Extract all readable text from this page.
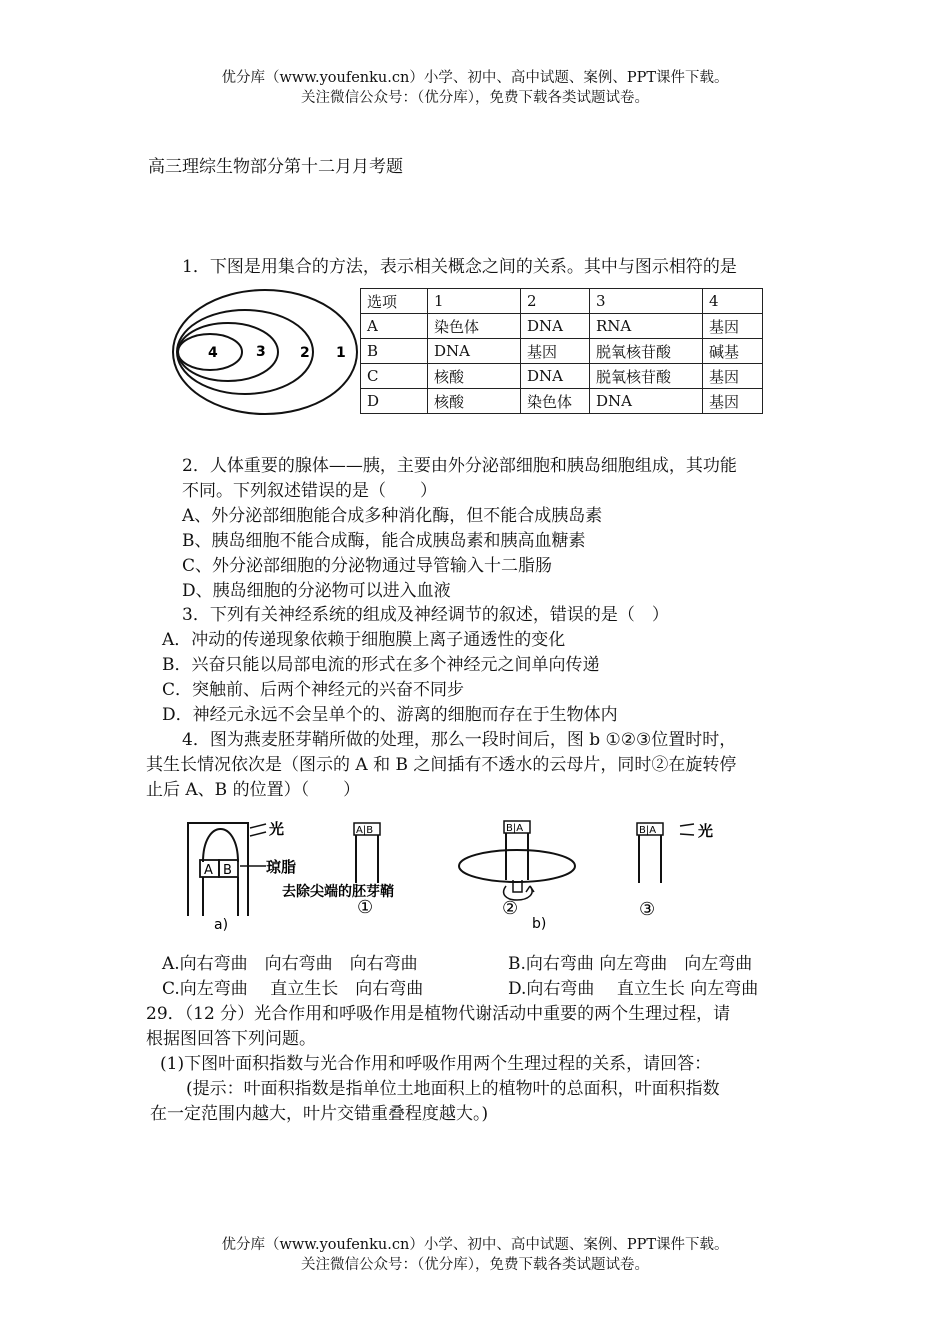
优分库（www.youfenku.cn）小学、初中、高中试题、案例、PPT课件下载。
关注微信公众号：（优分库），免费下载各类试题试卷。
高三理综生物部分第十二月月考题
1．下图是用集合的方法，表示相关概念之间的关系。其中与图示相符的是
4	3 2 1
选项	1	2	3	4
A	染色体	DNA	RNA	基因
B	DNA	基因	脱氧核苷酸	碱基
C	核酸	DNA	脱氧核苷酸	基因
D	核酸	染色体	DNA	基因
2．人体重要的腺体——胰，主要由外分泌部细胞和胰岛细胞组成，其功能
不同。下列叙述错误的是（　　）
A、外分泌部细胞能合成多种消化酶，但不能合成胰岛素
B、胰岛细胞不能合成酶，能合成胰岛素和胰高血糖素
C、外分泌部细胞的分泌物通过导管输入十二脂肠
D、胰岛细胞的分泌物可以进入血液
3．下列有关神经系统的组成及神经调节的叙述，错误的是（　）
A．冲动的传递现象依赖于细胞膜上离子通透性的变化
B．兴奋只能以局部电流的形式在多个神经元之间单向传递
C．突触前、后两个神经元的兴奋不同步
D．神经元永远不会呈单个的、游离的细胞而存在于生物体内
4．图为燕麦胚芽鞘所做的处理，那么一段时间后，图 b ①②③位置时时，
其生长情况依次是（图示的 A 和 B 之间插有不透水的云母片，同时②在旋转停
止后 A、B 的位置）（　　）
A B 琼脂
光
a)
去除尖端的胚芽鞘
A|B
①
B|A
②
b)
B|A	光
③
A.向右弯曲　向右弯曲　向右弯曲	B.向右弯曲 向左弯曲　向左弯曲
C.向左弯曲　 直立生长　向右弯曲	D.向右弯曲　 直立生长 向左弯曲
29．（12 分）光合作用和呼吸作用是植物代谢活动中重要的两个生理过程，请
根据图回答下列问题。
(1)下图叶面积指数与光合作用和呼吸作用两个生理过程的关系，请回答：
(提示：叶面积指数是指单位土地面积上的植物叶的总面积，叶面积指数
在一定范围内越大，叶片交错重叠程度越大。)
优分库（www.youfenku.cn）小学、初中、高中试题、案例、PPT课件下载。
关注微信公众号：（优分库），免费下载各类试题试卷。
